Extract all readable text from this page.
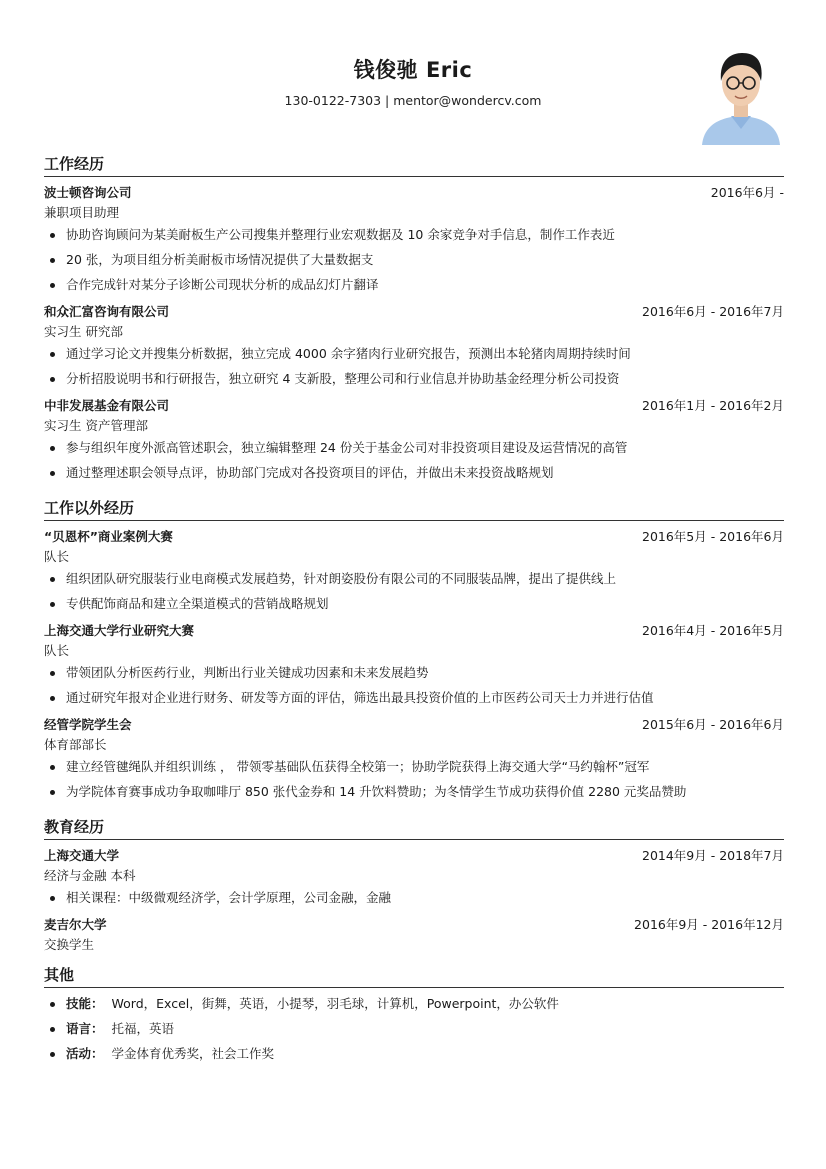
钱俊驰 Eric
130-0122-7303 | mentor@wondercv.com
工作经历
波士顿咨询公司	2016年6月 -
兼职项目助理
协助咨询顾问为某美耐板生产公司搜集并整理行业宏观数据及 10 余家竞争对手信息，制作工作表近
20 张，为项目组分析美耐板市场情况提供了大量数据支
合作完成针对某分子诊断公司现状分析的成品幻灯片翻译
和众汇富咨询有限公司	2016年6月 - 2016年7月
实习生 研究部
通过学习论文并搜集分析数据，独立完成 4000 余字猪肉行业研究报告，预测出本轮猪肉周期持续时间
分析招股说明书和行研报告，独立研究 4 支新股，整理公司和行业信息并协助基金经理分析公司投资
中非发展基金有限公司	2016年1月 - 2016年2月
实习生 资产管理部
参与组织年度外派高管述职会，独立编辑整理 24 份关于基金公司对非投资项目建设及运营情况的高管
通过整理述职会领导点评，协助部门完成对各投资项目的评估，并做出未来投资战略规划
工作以外经历
“贝恩杯”商业案例大赛	2016年5月 - 2016年6月
队长
组织团队研究服装行业电商模式发展趋势，针对朗姿股份有限公司的不同服装品牌，提出了提供线上
专供配饰商品和建立全渠道模式的营销战略规划
上海交通大学行业研究大赛	2016年4月 - 2016年5月
队长
带领团队分析医药行业，判断出行业关键成功因素和未来发展趋势
通过研究年报对企业进行财务、研发等方面的评估，筛选出最具投资价值的上市医药公司天士力并进行估值
经管学院学生会	2015年6月 - 2016年6月
体育部部长
建立经管毽绳队并组织训练 ， 带领零基础队伍获得全校第一；协助学院获得上海交通大学“马约翰杯”冠军
为学院体育赛事成功争取咖啡厅 850 张代金券和 14 升饮料赞助；为冬情学生节成功获得价值 2280 元奖品赞助
教育经历
上海交通大学	2014年9月 - 2018年7月
经济与金融 本科
相关课程：中级微观经济学，会计学原理，公司金融，金融
麦吉尔大学	2016年9月 - 2016年12月
交换学生
其他
技能： Word，Excel，街舞，英语，小提琴，羽毛球，计算机，Powerpoint，办公软件
语言： 托福，英语
活动： 学金体育优秀奖，社会工作奖
